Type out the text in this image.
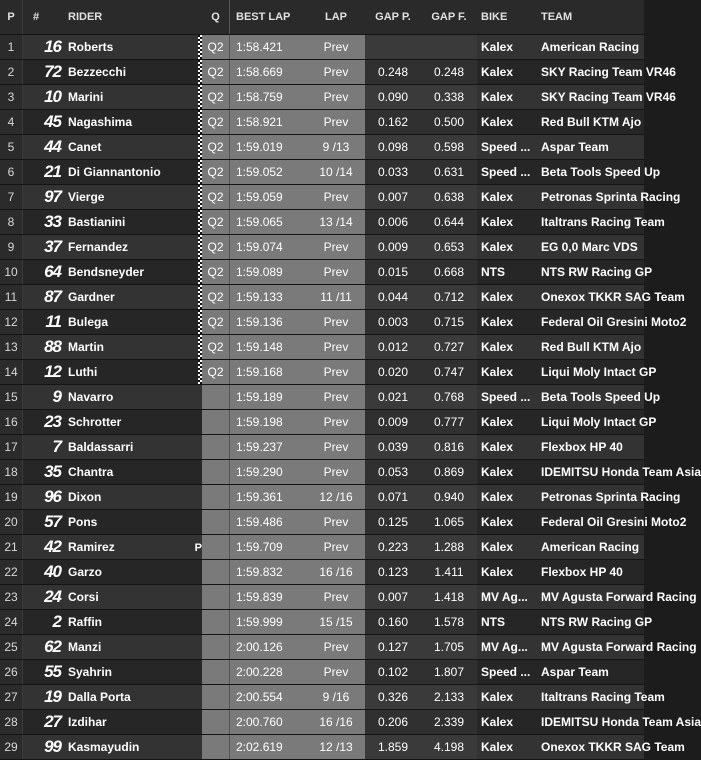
P	#	RIDER		Q	BEST LAP	LAP	GAP P.	GAP F.	BIKE	TEAM
1	16	Roberts		Q2	1:58.421	Prev			Kalex	American Racing
2	72	Bezzecchi		Q2	1:58.669	Prev	0.248	0.248	Kalex	SKY Racing Team VR46
3	10	Marini		Q2	1:58.759	Prev	0.090	0.338	Kalex	SKY Racing Team VR46
4	45	Nagashima		Q2	1:58.921	Prev	0.162	0.500	Kalex	Red Bull KTM Ajo
5	44	Canet		Q2	1:59.019	9 /13	0.098	0.598	Speed ...	Aspar Team
6	21	Di Giannantonio		Q2	1:59.052	10 /14	0.033	0.631	Speed ...	Beta Tools Speed Up
7	97	Vierge		Q2	1:59.059	Prev	0.007	0.638	Kalex	Petronas Sprinta Racing
8	33	Bastianini		Q2	1:59.065	13 /14	0.006	0.644	Kalex	Italtrans Racing Team
9	37	Fernandez		Q2	1:59.074	Prev	0.009	0.653	Kalex	EG 0,0 Marc VDS
10	64	Bendsneyder		Q2	1:59.089	Prev	0.015	0.668	NTS	NTS RW Racing GP
11	87	Gardner		Q2	1:59.133	11 /11	0.044	0.712	Kalex	Onexox TKKR SAG Team
12	11	Bulega		Q2	1:59.136	Prev	0.003	0.715	Kalex	Federal Oil Gresini Moto2
13	88	Martin		Q2	1:59.148	Prev	0.012	0.727	Kalex	Red Bull KTM Ajo
14	12	Luthi		Q2	1:59.168	Prev	0.020	0.747	Kalex	Liqui Moly Intact GP
15	9	Navarro			1:59.189	Prev	0.021	0.768	Speed ...	Beta Tools Speed Up
16	23	Schrotter			1:59.198	Prev	0.009	0.777	Kalex	Liqui Moly Intact GP
17	7	Baldassarri			1:59.237	Prev	0.039	0.816	Kalex	Flexbox HP 40
18	35	Chantra			1:59.290	Prev	0.053	0.869	Kalex	IDEMITSU Honda Team Asia
19	96	Dixon			1:59.361	12 /16	0.071	0.940	Kalex	Petronas Sprinta Racing
20	57	Pons			1:59.486	Prev	0.125	1.065	Kalex	Federal Oil Gresini Moto2
21	42	Ramirez	P		1:59.709	Prev	0.223	1.288	Kalex	American Racing
22	40	Garzo			1:59.832	16 /16	0.123	1.411	Kalex	Flexbox HP 40
23	24	Corsi			1:59.839	Prev	0.007	1.418	MV Ag...	MV Agusta Forward Racing
24	2	Raffin			1:59.999	15 /15	0.160	1.578	NTS	NTS RW Racing GP
25	62	Manzi			2:00.126	Prev	0.127	1.705	MV Ag...	MV Agusta Forward Racing
26	55	Syahrin			2:00.228	Prev	0.102	1.807	Speed ...	Aspar Team
27	19	Dalla Porta			2:00.554	9 /16	0.326	2.133	Kalex	Italtrans Racing Team
28	27	Izdihar			2:00.760	16 /16	0.206	2.339	Kalex	IDEMITSU Honda Team Asia
29	99	Kasmayudin			2:02.619	12 /13	1.859	4.198	Kalex	Onexox TKKR SAG Team
